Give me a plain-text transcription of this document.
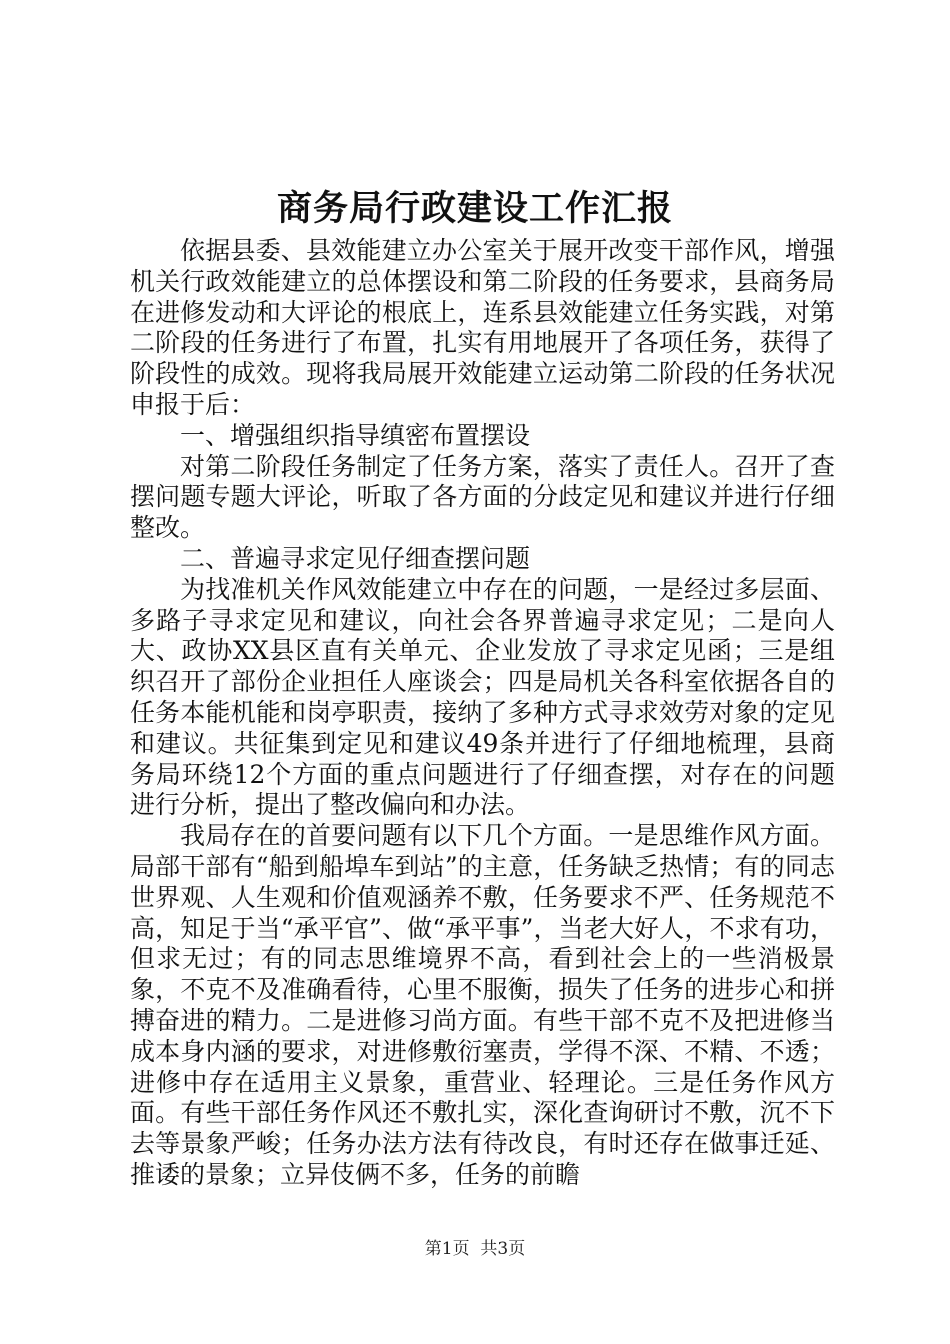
商务局行政建设工作汇报

依据县委、县效能建立办公室关于展开改变干部作风，增强机关行政效能建立的总体摆设和第二阶段的任务要求，县商务局在进修发动和大评论的根底上，连系县效能建立任务实践，对第二阶段的任务进行了布置，扎实有用地展开了各项任务，获得了阶段性的成效。现将我局展开效能建立运动第二阶段的任务状况申报于后：

一、增强组织指导缜密布置摆设

对第二阶段任务制定了任务方案，落实了责任人。召开了查摆问题专题大评论，听取了各方面的分歧定见和建议并进行仔细整改。

二、普遍寻求定见仔细查摆问题

为找准机关作风效能建立中存在的问题，一是经过多层面、多路子寻求定见和建议，向社会各界普遍寻求定见；二是向人大、政协XX县区直有关单元、企业发放了寻求定见函；三是组织召开了部份企业担任人座谈会；四是局机关各科室依据各自的任务本能机能和岗亭职责，接纳了多种方式寻求效劳对象的定见和建议。共征集到定见和建议49条并进行了仔细地梳理，县商务局环绕12个方面的重点问题进行了仔细查摆，对存在的问题进行分析，提出了整改偏向和办法。

我局存在的首要问题有以下几个方面。一是思维作风方面。局部干部有“船到船埠车到站”的主意，任务缺乏热情；有的同志世界观、人生观和价值观涵养不敷，任务要求不严、任务规范不高，知足于当“承平官”、做“承平事”，当老大好人，不求有功，但求无过；有的同志思维境界不高，看到社会上的一些消极景象，不克不及准确看待，心里不服衡，损失了任务的进步心和拼搏奋进的精力。二是进修习尚方面。有些干部不克不及把进修当成本身内涵的要求，对进修敷衍塞责，学得不深、不精、不透；进修中存在适用主义景象，重营业、轻理论。三是任务作风方面。有些干部任务作风还不敷扎实，深化查询研讨不敷，沉不下去等景象严峻；任务办法方法有待改良，有时还存在做事迁延、推诿的景象；立异伎俩不多，任务的前瞻

第1页 共3页
